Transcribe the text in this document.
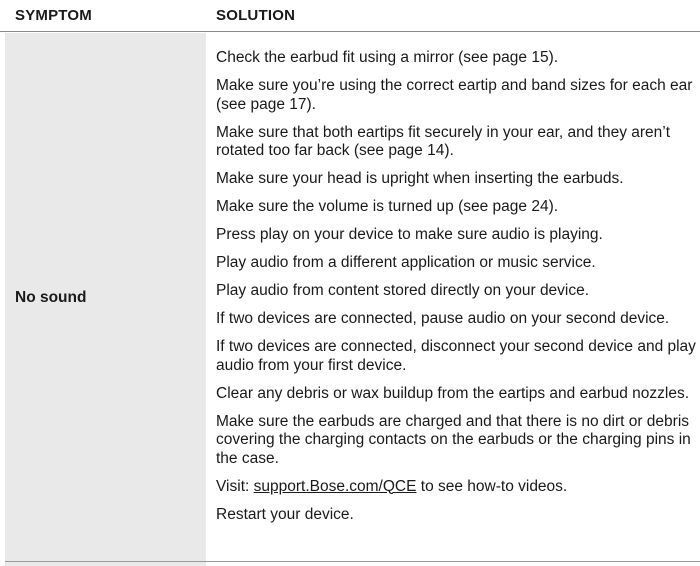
SYMPTOM	SOLUTION
No sound
Check the earbud fit using a mirror (see page 15).
Make sure you’re using the correct eartip and band sizes for each ear (see page 17).
Make sure that both eartips fit securely in your ear, and they aren’t rotated too far back (see page 14).
Make sure your head is upright when inserting the earbuds.
Make sure the volume is turned up (see page 24).
Press play on your device to make sure audio is playing.
Play audio from a different application or music service.
Play audio from content stored directly on your device.
If two devices are connected, pause audio on your second device.
If two devices are connected, disconnect your second device and play audio from your first device.
Clear any debris or wax buildup from the eartips and earbud nozzles.
Make sure the earbuds are charged and that there is no dirt or debris covering the charging contacts on the earbuds or the charging pins in the case.
Visit: support.Bose.com/QCE to see how-to videos.
Restart your device.
